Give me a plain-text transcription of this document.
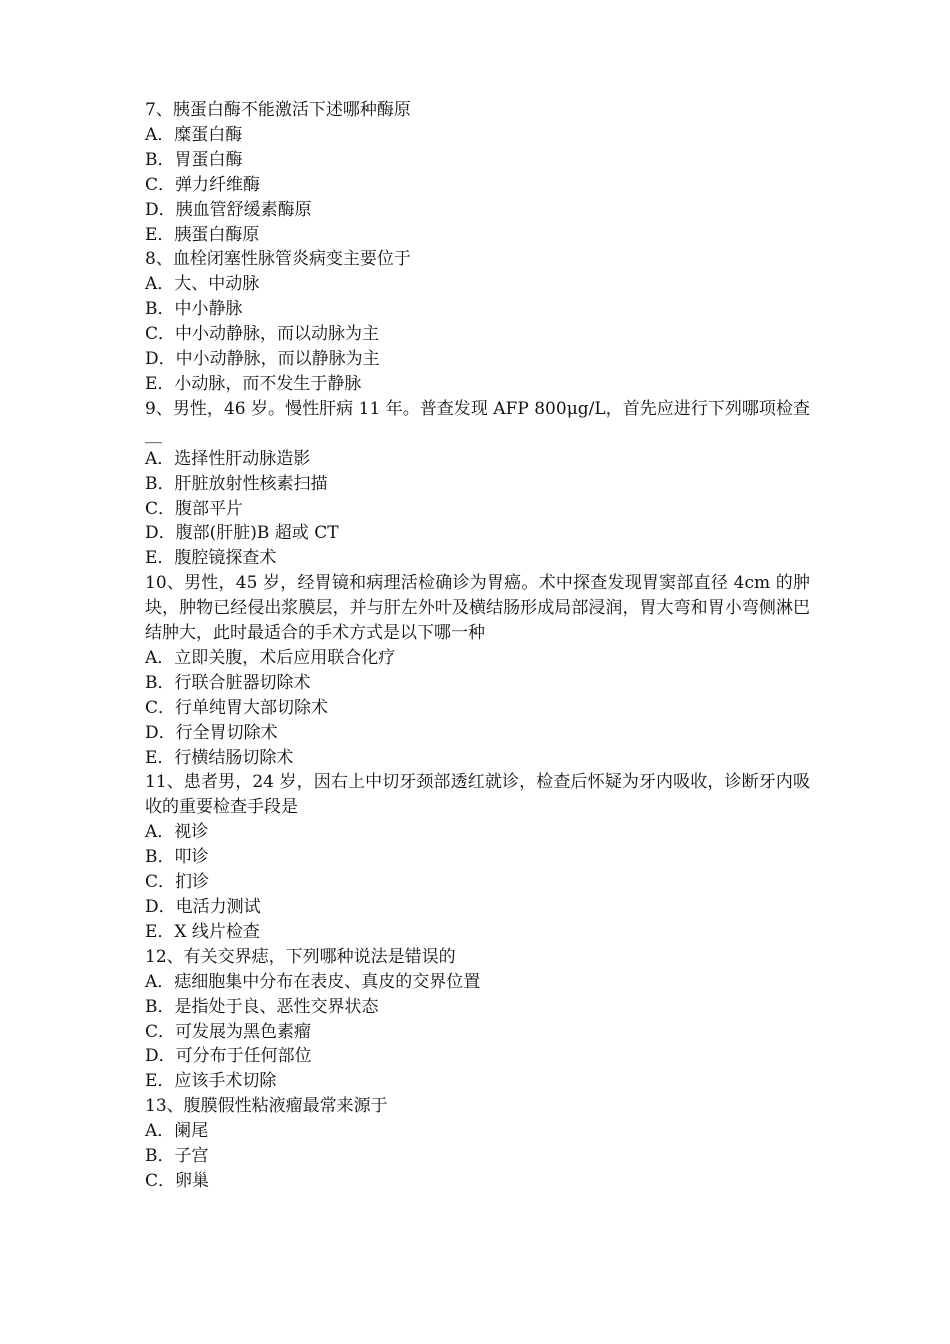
7、胰蛋白酶不能激活下述哪种酶原
A．糜蛋白酶
B．胃蛋白酶
C．弹力纤维酶
D．胰血管舒缓素酶原
E．胰蛋白酶原
8、血栓闭塞性脉管炎病变主要位于
A．大、中动脉
B．中小静脉
C．中小动静脉，而以动脉为主
D．中小动静脉，而以静脉为主
E．小动脉，而不发生于静脉
9、男性，46 岁。慢性肝病 11 年。普查发现 AFP 800μg/L，首先应进行下列哪项检查__
A．选择性肝动脉造影
B．肝脏放射性核素扫描
C．腹部平片
D．腹部(肝脏)B 超或 CT
E．腹腔镜探查术
10、男性，45 岁，经胃镜和病理活检确诊为胃癌。术中探查发现胃窦部直径 4cm 的肿块，肿物已经侵出浆膜层，并与肝左外叶及横结肠形成局部浸润，胃大弯和胃小弯侧淋巴结肿大，此时最适合的手术方式是以下哪一种
A．立即关腹，术后应用联合化疗
B．行联合脏器切除术
C．行单纯胃大部切除术
D．行全胃切除术
E．行横结肠切除术
11、患者男，24 岁，因右上中切牙颈部透红就诊，检查后怀疑为牙内吸收，诊断牙内吸收的重要检查手段是
A．视诊
B．叩诊
C．扪诊
D．电活力测试
E．X 线片检查
12、有关交界痣，下列哪种说法是错误的
A．痣细胞集中分布在表皮、真皮的交界位置
B．是指处于良、恶性交界状态
C．可发展为黑色素瘤
D．可分布于任何部位
E．应该手术切除
13、腹膜假性粘液瘤最常来源于
A．阑尾
B．子宫
C．卵巢
